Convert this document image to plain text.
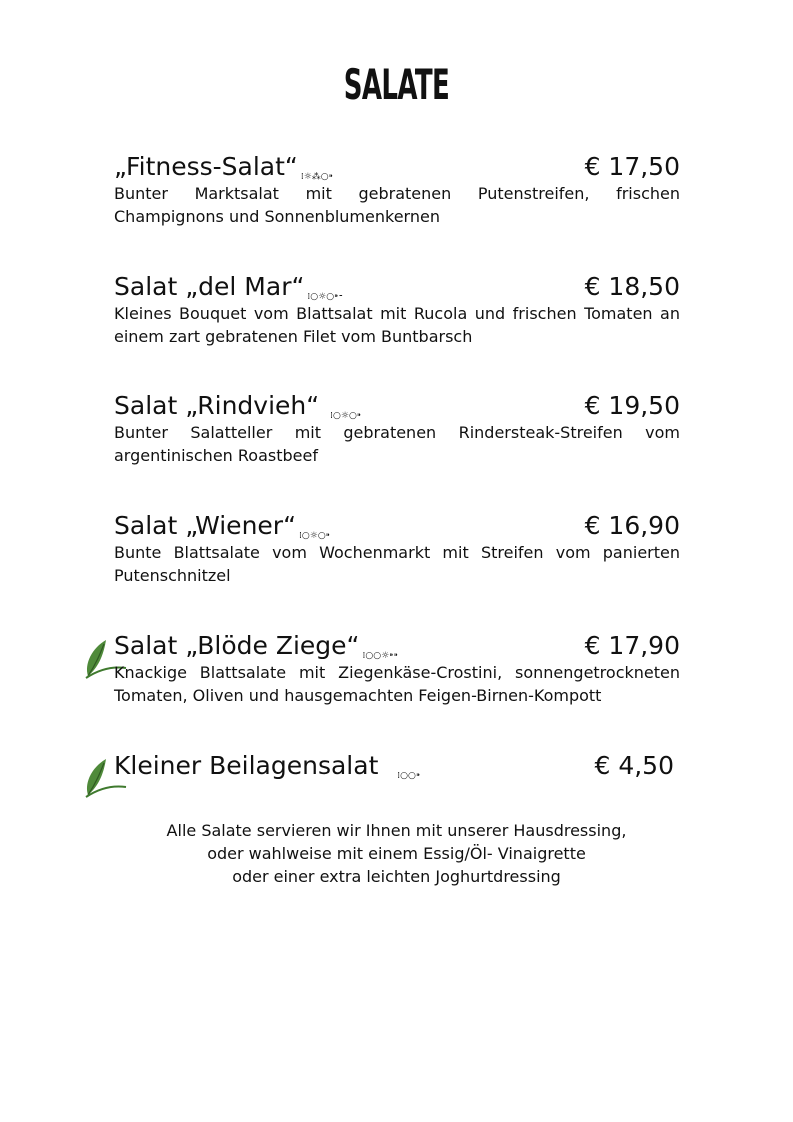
SALATE
„Fitness-Salat“ ⁞☼⁂○⁍	€ 17,50
Bunter Marktsalat mit gebratenen Putenstreifen, frischen Champignons und Sonnenblumenkernen
Salat „del Mar“ ⁞○☼○⁍⁃	€ 18,50
Kleines Bouquet vom Blattsalat mit Rucola und frischen Tomaten an einem zart gebratenen Filet vom Buntbarsch
Salat „Rindvieh“ ⁞○☼○⁍	€ 19,50
Bunter Salatteller mit gebratenen Rindersteak-Streifen vom argentinischen Roastbeef
Salat „Wiener“ ⁞○☼○⁍	€ 16,90
Bunte Blattsalate vom Wochenmarkt mit Streifen vom panierten Putenschnitzel
Salat „Blöde Ziege“ ⁞○○☼⁍⁍	€ 17,90
Knackige Blattsalate mit Ziegenkäse-Crostini, sonnengetrockneten Tomaten, Oliven und hausgemachten Feigen-Birnen-Kompott
Kleiner Beilagensalat ⁞○○⁍	€ 4,50
Alle Salate servieren wir Ihnen mit unserer Hausdressing,
oder wahlweise mit einem Essig/Öl- Vinaigrette
oder einer extra leichten Joghurtdressing
